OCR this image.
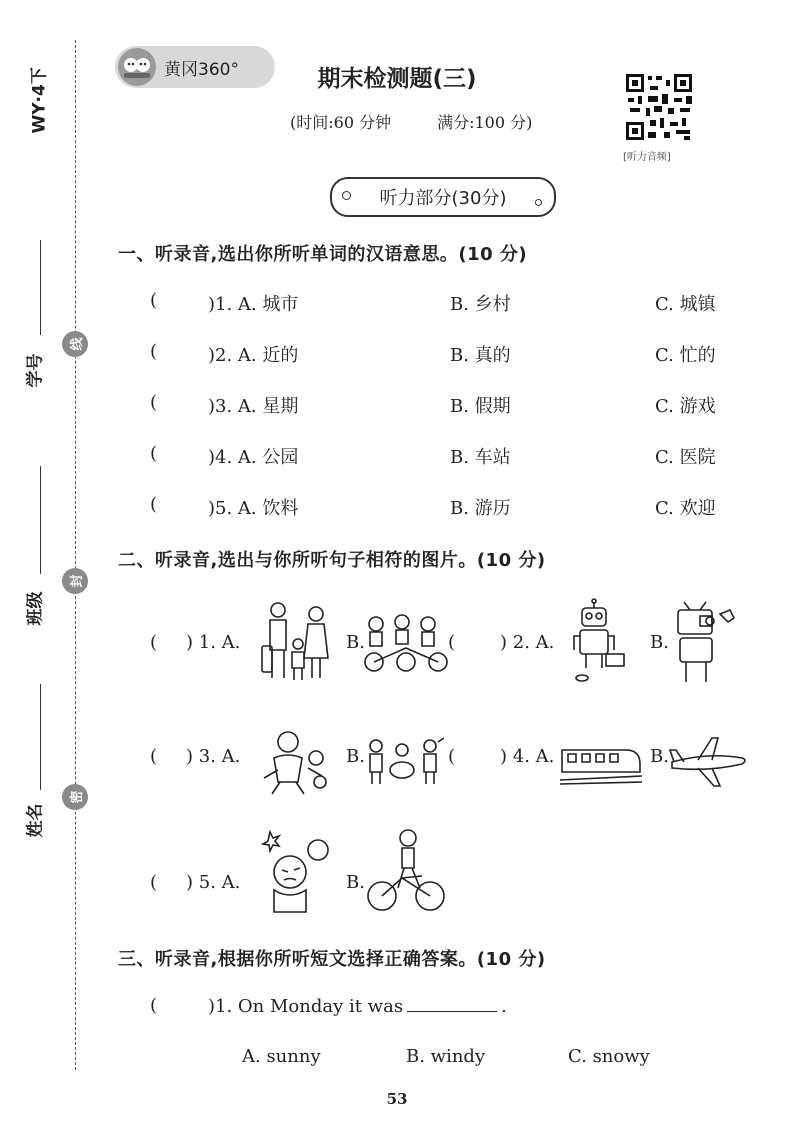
WY·4下
学号
线
班级
封
姓名
密
黄冈360°	期末检测题(三)
(时间:60 分钟	满分:100 分)
[听力音频]
听力部分(30分)
一、听录音,选出你所听单词的汉语意思。(10 分)
(	)1. A. 城市	B. 乡村	C. 城镇
(	)2. A. 近的	B. 真的	C. 忙的
(	)3. A. 星期	B. 假期	C. 游戏
(	)4. A. 公园	B. 车站	C. 医院
(	)5. A. 饮料	B. 游历	C. 欢迎
二、听录音,选出与你所听句子相符的图片。(10 分)
( ) 1. A.	B.	( ) 2. A.	B.
( ) 3. A.	B.	( ) 4. A.	B.
( ) 5. A.	B.
三、听录音,根据你所听短文选择正确答案。(10 分)
(	)1. On Monday it was	.
A. sunny	B. windy	C. snowy
53
